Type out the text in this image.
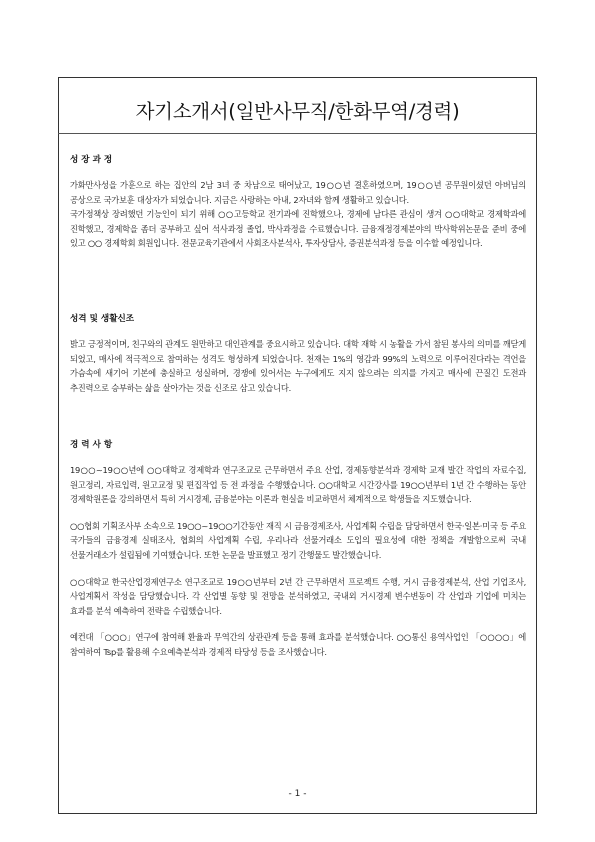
자기소개서(일반사무직/한화무역/경력)
성 장 과 정

가화만사성을 가훈으로 하는 집안의 2남 3녀 중 차남으로 태어났고, 19○○년 결혼하였으며, 19○○년 공무원이셨던 아버님의 공상으로 국가보훈 대상자가 되었습니다. 지금은 사랑하는 아내, 2자녀와 함께 생활하고 있습니다.

국가정책상 장려했던 기능인이 되기 위해 ○○고등학교 전기과에 진학했으나, 경제에 남다른 관심이 생겨 ○○대학교 경제학과에 진학했고, 경제학을 좀더 공부하고 싶어 석사과정 졸업, 박사과정을 수료했습니다. 금융재정경제분야의 박사학위논문을 준비 중에 있고 ○○ 경제학회 회원입니다. 전문교육기관에서 사회조사분석사, 투자상담사, 증권분석과정 등을 이수할 예정입니다.

성격 및 생활신조

밝고 긍정적이며, 친구와의 관계도 원만하고 대인관계를 중요시하고 있습니다. 대학 재학 시 농활을 가서 참된 봉사의 의미를 깨닫게 되었고, 매사에 적극적으로 참여하는 성격도 형성하게 되었습니다. 천재는 1%의 영감과 99%의 노력으로 이루어진다라는 격언을 가슴속에 새기어 기본에 충실하고 성실하며, 경쟁에 있어서는 누구에게도 지지 않으려는 의지를 가지고 매사에 끈질긴 도전과 추진력으로 승부하는 삶을 살아가는 것을 신조로 삼고 있습니다.

경 력 사 항

19○○~19○○년에 ○○대학교 경제학과 연구조교로 근무하면서 주요 산업, 경제동향분석과 경제학 교재 발간 작업의 자료수집, 원고정리, 자료입력, 원고교정 및 편집작업 등 전 과정을 수행했습니다. ○○대학교 시간강사를 19○○년부터 1년 간 수행하는 동안 경제학원론을 강의하면서 특히 거시경제, 금융분야는 이론과 현실을 비교하면서 체계적으로 학생들을 지도했습니다.

○○협회 기획조사부 소속으로 19○○~19○○기간동안 재직 시 금융경제조사, 사업계획 수립을 담당하면서 한국·일본·미국 등 주요 국가들의 금융경제 실태조사, 협회의 사업계획 수립, 우리나라 선물거래소 도입의 필요성에 대한 정책을 개발함으로써 국내 선물거래소가 설립됨에 기여했습니다. 또한 논문을 발표했고 정기 간행물도 발간했습니다.

○○대학교 한국산업경제연구소 연구조교로 19○○년부터 2년 간 근무하면서 프로젝트 수행, 거시 금융경제분석, 산업 기업조사, 사업계획서 작성을 담당했습니다. 각 산업별 동향 및 전망을 분석하였고, 국내외 거시경제 변수변동이 각 산업과 기업에 미치는 효과를 분석 예측하여 전략을 수립했습니다.

예컨대 「○○○」연구에 참여해 환율과 무역간의 상관관계 등을 통해 효과를 분석했습니다. ○○통신 용역사업인 「○○○○」에 참여하여 Tsp를 활용해 수요예측분석과 경제적 타당성 등을 조사했습니다.

- 1 -
